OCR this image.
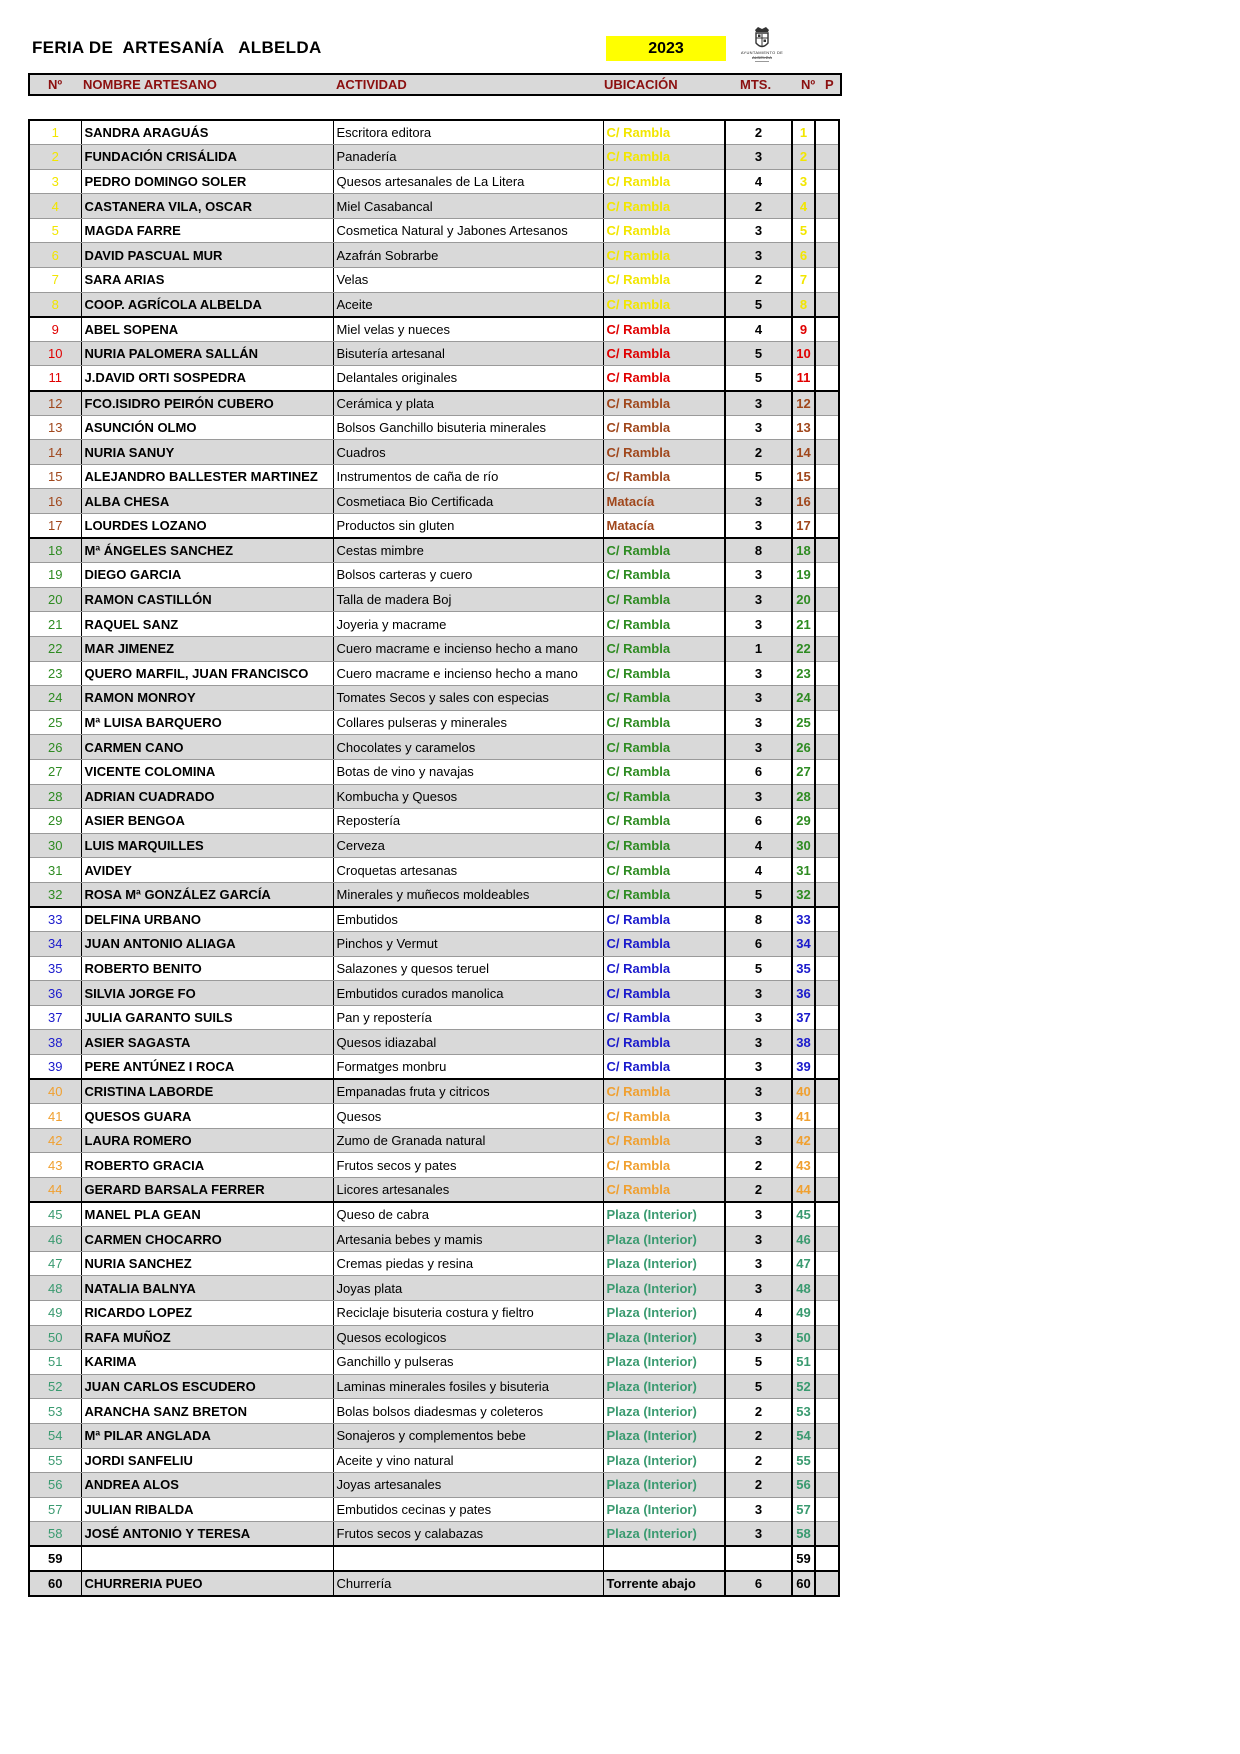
FERIA DE  ARTESANÍA   ALBELDA	2023	AYUNTAMIENTO DE
Nº NOMBRE ARTESANO	ACTIVIDAD	UBICACIÓN	MTS. Nº P
1	SANDRA ARAGUÁS	Escritora editora	C/ Rambla	2	1	
2	FUNDACIÓN CRISÁLIDA	Panadería	C/ Rambla	3	2	
3	PEDRO DOMINGO SOLER	Quesos artesanales de La Litera	C/ Rambla	4	3	
4	CASTANERA VILA, OSCAR	Miel Casabancal	C/ Rambla	2	4	
5	MAGDA FARRE	Cosmetica Natural y Jabones Artesanos	C/ Rambla	3	5	
6	DAVID PASCUAL MUR	Azafrán Sobrarbe	C/ Rambla	3	6	
7	SARA ARIAS	Velas	C/ Rambla	2	7	
8	COOP. AGRÍCOLA ALBELDA	Aceite	C/ Rambla	5	8	
9	ABEL SOPENA	Miel velas y nueces	C/ Rambla	4	9	
10	NURIA PALOMERA SALLÁN	Bisutería artesanal	C/ Rambla	5	10	
11	J.DAVID ORTI SOSPEDRA	Delantales originales	C/ Rambla	5	11	
12	FCO.ISIDRO PEIRÓN CUBERO	Cerámica y plata	C/ Rambla	3	12	
13	ASUNCIÓN OLMO	Bolsos Ganchillo bisuteria minerales	C/ Rambla	3	13	
14	NURIA SANUY	Cuadros	C/ Rambla	2	14	
15	ALEJANDRO BALLESTER MARTINEZ	Instrumentos de caña de río	C/ Rambla	5	15	
16	ALBA CHESA	Cosmetiaca Bio Certificada	Matacía	3	16	
17	LOURDES LOZANO	Productos sin gluten	Matacía	3	17	
18	Mª ÁNGELES SANCHEZ	Cestas mimbre	C/ Rambla	8	18	
19	DIEGO GARCIA	Bolsos carteras y cuero	C/ Rambla	3	19	
20	RAMON CASTILLÓN	Talla de madera Boj	C/ Rambla	3	20	
21	RAQUEL SANZ	Joyeria y macrame	C/ Rambla	3	21	
22	MAR JIMENEZ	Cuero macrame e incienso hecho a mano	C/ Rambla	1	22	
23	QUERO MARFIL, JUAN FRANCISCO	Cuero macrame e incienso hecho a mano	C/ Rambla	3	23	
24	RAMON MONROY	Tomates Secos y sales con especias	C/ Rambla	3	24	
25	Mª LUISA BARQUERO	Collares pulseras y minerales	C/ Rambla	3	25	
26	CARMEN CANO	Chocolates y caramelos	C/ Rambla	3	26	
27	VICENTE COLOMINA	Botas de vino y navajas	C/ Rambla	6	27	
28	ADRIAN CUADRADO	Kombucha y Quesos	C/ Rambla	3	28	
29	ASIER BENGOA	Repostería	C/ Rambla	6	29	
30	LUIS MARQUILLES	Cerveza	C/ Rambla	4	30	
31	AVIDEY	Croquetas artesanas	C/ Rambla	4	31	
32	ROSA Mª GONZÁLEZ GARCÍA	Minerales y muñecos moldeables	C/ Rambla	5	32	
33	DELFINA URBANO	Embutidos	C/ Rambla	8	33	
34	JUAN ANTONIO ALIAGA	Pinchos y Vermut	C/ Rambla	6	34	
35	ROBERTO BENITO	Salazones y quesos teruel	C/ Rambla	5	35	
36	SILVIA JORGE FO	Embutidos curados manolica	C/ Rambla	3	36	
37	JULIA GARANTO SUILS	Pan y repostería	C/ Rambla	3	37	
38	ASIER SAGASTA	Quesos idiazabal	C/ Rambla	3	38	
39	PERE ANTÚNEZ I ROCA	Formatges monbru	C/ Rambla	3	39	
40	CRISTINA LABORDE	Empanadas fruta y citricos	C/ Rambla	3	40	
41	QUESOS GUARA	Quesos	C/ Rambla	3	41	
42	LAURA ROMERO	Zumo de Granada natural	C/ Rambla	3	42	
43	ROBERTO GRACIA	Frutos secos y pates	C/ Rambla	2	43	
44	GERARD BARSALA FERRER	Licores artesanales	C/ Rambla	2	44	
45	MANEL PLA GEAN	Queso de cabra	Plaza (Interior)	3	45	
46	CARMEN CHOCARRO	Artesania bebes y mamis	Plaza (Interior)	3	46	
47	NURIA SANCHEZ	Cremas piedas y resina	Plaza (Interior)	3	47	
48	NATALIA BALNYA	Joyas plata	Plaza (Interior)	3	48	
49	RICARDO LOPEZ	Reciclaje bisuteria costura y fieltro	Plaza (Interior)	4	49	
50	RAFA MUÑOZ	Quesos ecologicos	Plaza (Interior)	3	50	
51	KARIMA	Ganchillo y pulseras	Plaza (Interior)	5	51	
52	JUAN CARLOS ESCUDERO	Laminas minerales fosiles y bisuteria	Plaza (Interior)	5	52	
53	ARANCHA SANZ BRETON	Bolas bolsos diadesmas y coleteros	Plaza (Interior)	2	53	
54	Mª PILAR ANGLADA	Sonajeros y complementos bebe	Plaza (Interior)	2	54	
55	JORDI SANFELIU	Aceite y vino natural	Plaza (Interior)	2	55	
56	ANDREA ALOS	Joyas artesanales	Plaza (Interior)	2	56	
57	JULIAN RIBALDA	Embutidos cecinas y pates	Plaza (Interior)	3	57	
58	JOSÉ ANTONIO Y TERESA	Frutos secos y calabazas	Plaza (Interior)	3	58	
59					59	
60	CHURRERIA PUEO	Churrería	Torrente abajo	6	60	
